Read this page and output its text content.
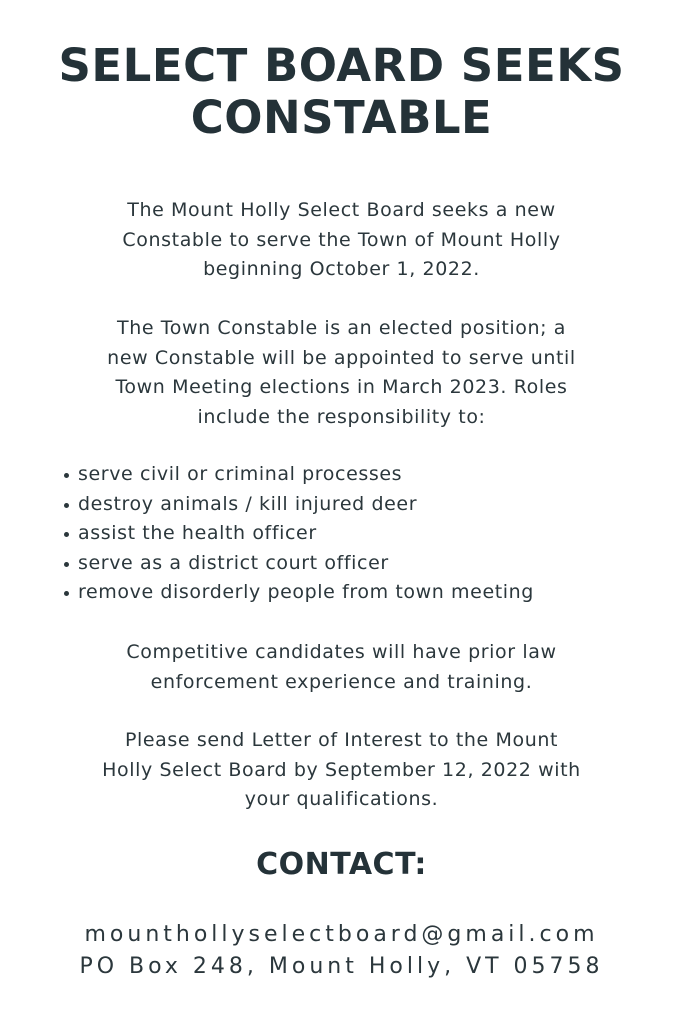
SELECT BOARD SEEKS
CONSTABLE

The Mount Holly Select Board seeks a new
Constable to serve the Town of Mount Holly
beginning October 1, 2022.

The Town Constable is an elected position; a
new Constable will be appointed to serve until
Town Meeting elections in March 2023. Roles
include the responsibility to:

serve civil or criminal processes
destroy animals / kill injured deer
assist the health officer
serve as a district court officer
remove disorderly people from town meeting

Competitive candidates will have prior law
enforcement experience and training.

Please send Letter of Interest to the Mount
Holly Select Board by September 12, 2022 with
your qualifications.

CONTACT:

mounthollyselectboard@gmail.com

PO Box 248, Mount Holly, VT 05758
